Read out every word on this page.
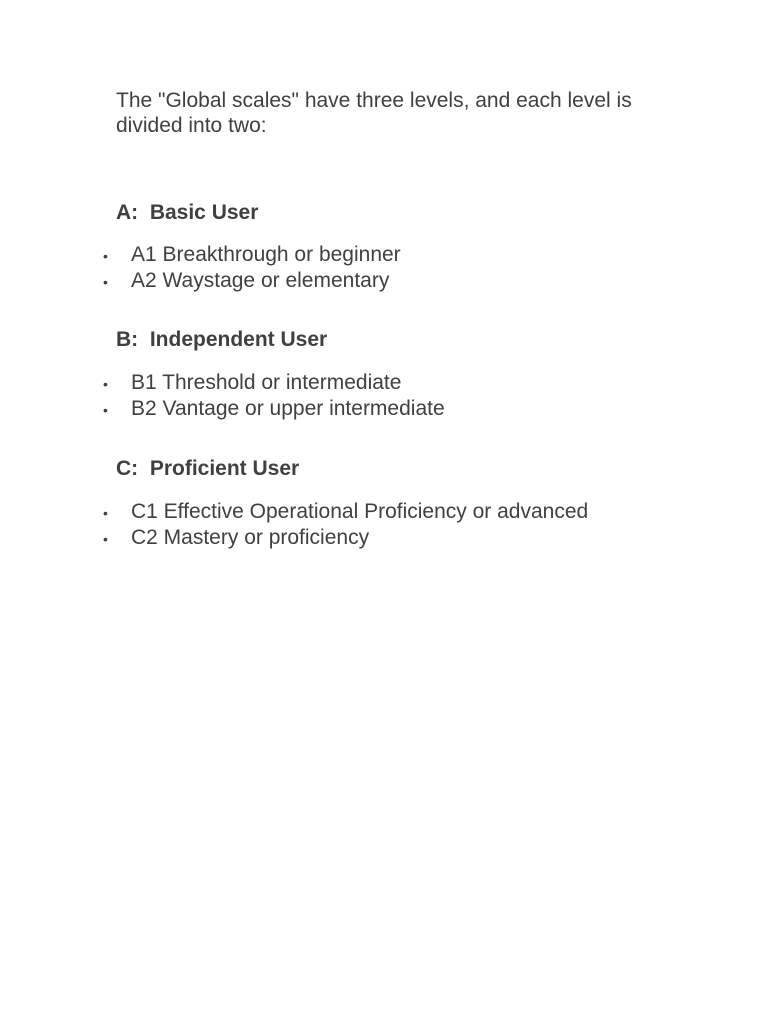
The "Global scales" have three levels, and each level is divided into two:

A:  Basic User
• A1 Breakthrough or beginner
• A2 Waystage or elementary
B:  Independent User
• B1 Threshold or intermediate
• B2 Vantage or upper intermediate
C:  Proficient User
• C1 Effective Operational Proficiency or advanced
• C2 Mastery or proficiency
